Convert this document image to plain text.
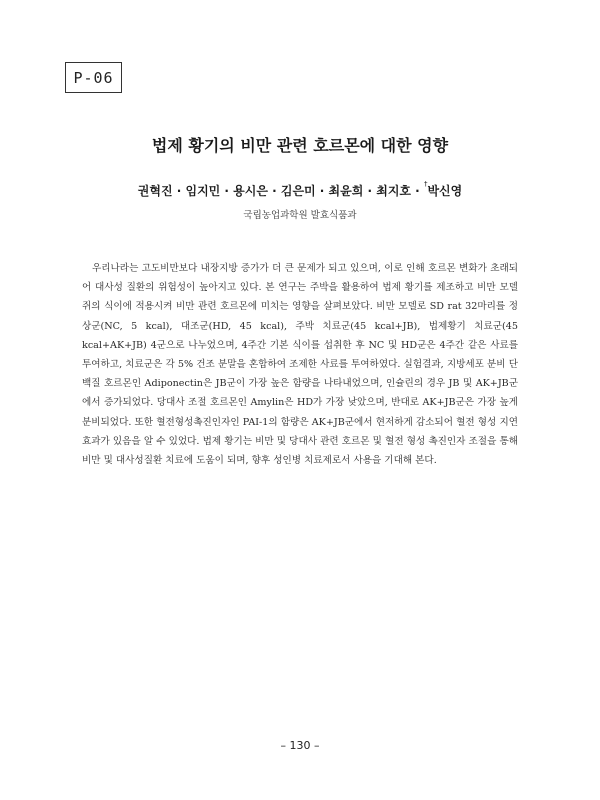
P-06
법제 황기의 비만 관련 호르몬에 대한 영향
권혁진 · 임지민 · 용시은 · 김은미 · 최윤희 · 최지호 · †박신영
국립농업과학원 발효식품과

우리나라는 고도비만보다 내장지방 증가가 더 큰 문제가 되고 있으며, 이로 인해 호르몬 변화가 초래되어 대사성 질환의 위험성이 높아지고 있다. 본 연구는 주박을 활용하여 법제 황기를 제조하고 비만 모델 쥐의 식이에 적용시켜 비만 관련 호르몬에 미치는 영향을 살펴보았다. 비만 모델로 SD rat 32마리를 정상군(NC, 5 kcal), 대조군(HD, 45 kcal), 주박 치료군(45 kcal+JB), 법제황기 치료군(45 kcal+AK+JB) 4군으로 나누었으며, 4주간 기본 식이를 섭취한 후 NC 및 HD군은 4주간 같은 사료를 투여하고, 치료군은 각 5% 건조 분말을 혼합하여 조제한 사료를 투여하였다. 실험결과, 지방세포 분비 단백질 호르몬인 Adiponectin은 JB군이 가장 높은 함량을 나타내었으며, 인슐린의 경우 JB 및 AK+JB군에서 증가되었다. 당대사 조절 호르몬인 Amylin은 HD가 가장 낮았으며, 반대로 AK+JB군은 가장 높게 분비되었다. 또한 혈전형성촉진인자인 PAI-1의 함량은 AK+JB군에서 현저하게 감소되어 혈전 형성 지연 효과가 있음을 알 수 있었다. 법제 황기는 비만 및 당대사 관련 호르몬 및 혈전 형성 촉진인자 조절을 통해 비만 및 대사성질환 치료에 도움이 되며, 향후 성인병 치료제로서 사용을 기대해 본다.

– 130 –
